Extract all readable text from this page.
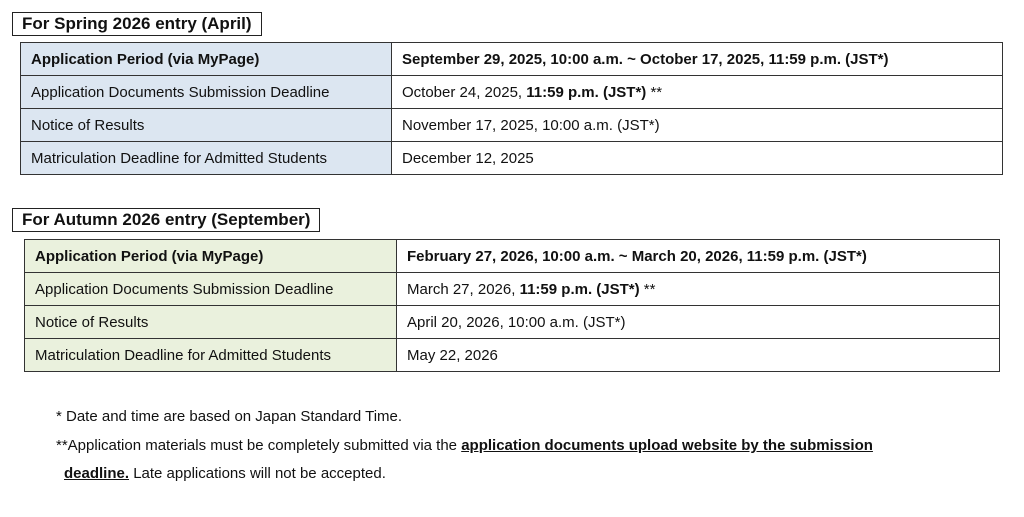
For Spring 2026 entry (April)
Application Period (via MyPage)	September 29, 2025, 10:00 a.m. ~ October 17, 2025, 11:59 p.m. (JST*)
Application Documents Submission Deadline	October 24, 2025, 11:59 p.m. (JST*) **
Notice of Results	November 17, 2025, 10:00 a.m. (JST*)
Matriculation Deadline for Admitted Students	December 12, 2025
For Autumn 2026 entry (September)
Application Period (via MyPage)	February 27, 2026, 10:00 a.m. ~ March 20, 2026, 11:59 p.m. (JST*)
Application Documents Submission Deadline	March 27, 2026, 11:59 p.m. (JST*) **
Notice of Results	April 20, 2026, 10:00 a.m. (JST*)
Matriculation Deadline for Admitted Students	May 22, 2026
* Date and time are based on Japan Standard Time.
**Application materials must be completely submitted via the application documents upload website by the submission
deadline. Late applications will not be accepted.
